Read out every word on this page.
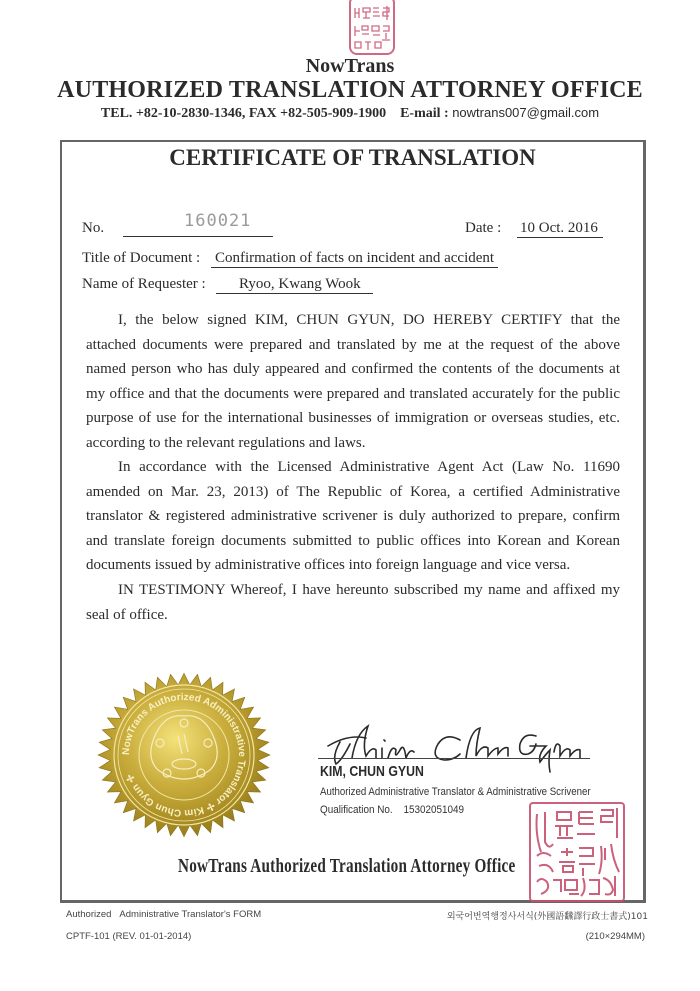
NowTrans
AUTHORIZED TRANSLATION ATTORNEY OFFICE
TEL. +82-10-2830-1346, FAX +82-505-909-1900 E-mail : nowtrans007@gmail.com
CERTIFICATE OF TRANSLATION
No.	160021	Date : 10 Oct. 2016
Title of Document : Confirmation of facts on incident and accident
Name of Requester :	Ryoo, Kwang Wook

I, the below signed KIM, CHUN GYUN, DO HEREBY CERTIFY that the attached documents were prepared and translated by me at the request of the above named person who has duly appeared and confirmed the contents of the documents at my office and that the documents were prepared and translated accurately for the public purpose of use for the international businesses of immigration or overseas studies, etc. according to the relevant regulations and laws.

In accordance with the Licensed Administrative Agent Act (Law No. 11690 amended on Mar. 23, 2013) of The Republic of Korea, a certified Administrative translator & registered administrative scrivener is duly authorized to prepare, confirm and translate foreign documents submitted to public offices into Korean and Korean documents issued by administrative offices into foreign language and vice versa.

IN TESTIMONY Whereof, I have hereunto subscribed my name and affixed my seal of office.

NowTrans Authorized Administrative Translator ✢ Kim Chun Gyun ✢	KIM, CHUN GYUN
Authorized Administrative Translator & Administrative Scrivener
Qualification No. 15302051049
NowTrans Authorized Translation Attorney Office
Authorized Administrative Translator's FORM
CPTF-101 (REV. 01-01-2014)
외국어번역행정사서식(外國語飜譯行政士書式)101
(210×294MM)
